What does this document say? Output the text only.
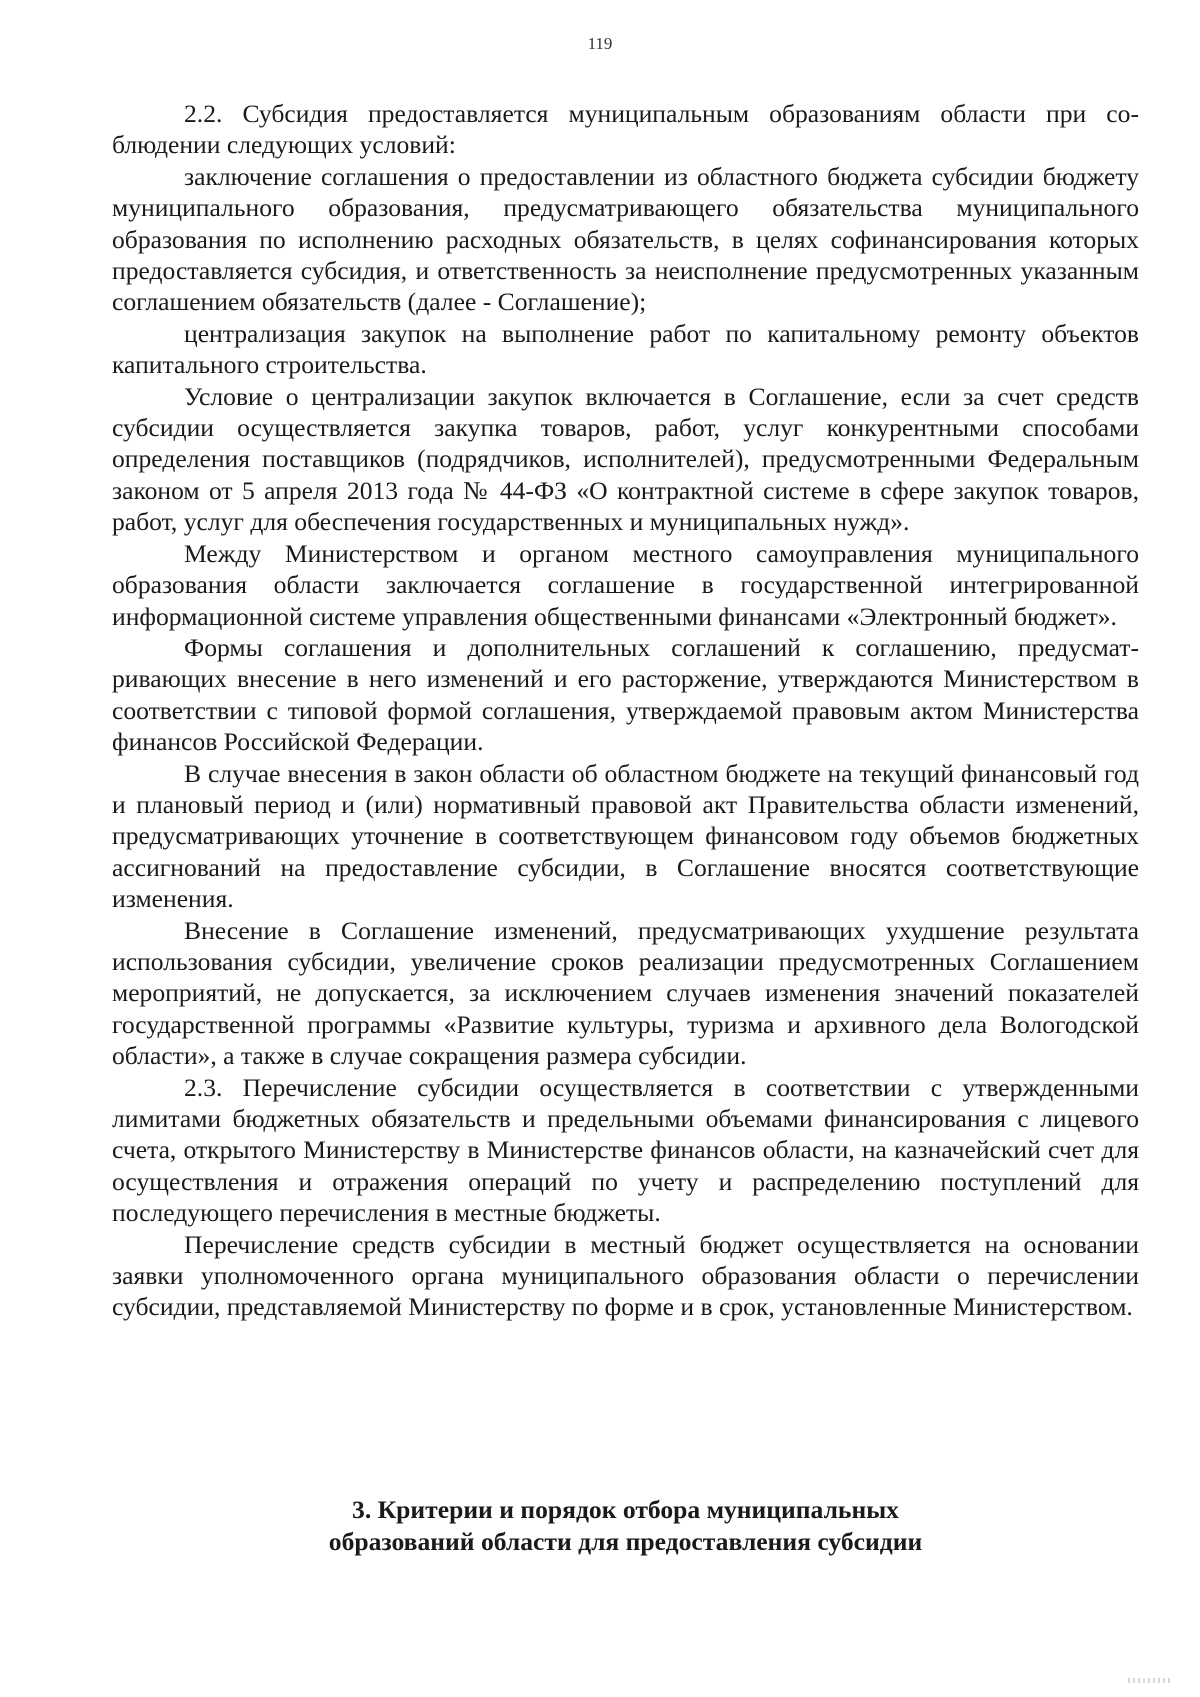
119

2.2. Субсидия предоставляется муниципальным образованиям области при соблюдении следующих условий:

заключение соглашения о предоставлении из областного бюджета субсидии бюджету муниципального образования, предусматривающего обязательства муниципального образования по исполнению расходных обязательств, в целях софинансирования которых предоставляется субсидия, и ответственность за неисполнение предусмотренных указанным соглашением обязательств (далее - Соглашение);

централизация закупок на выполнение работ по капитальному ремонту объектов капитального строительства.

Условие о централизации закупок включается в Соглашение, если за счет средств субсидии осуществляется закупка товаров, работ, услуг конкурентными способами определения поставщиков (подрядчиков, исполнителей), предусмотренными Федеральным законом от 5 апреля 2013 года № 44-ФЗ «О контрактной системе в сфере закупок товаров, работ, услуг для обеспечения государственных и муниципальных нужд».

Между Министерством и органом местного самоуправления муниципального образования области заключается соглашение в государственной интегрированной информационной системе управления общественными финансами «Электронный бюджет».

Формы соглашения и дополнительных соглашений к соглашению, предусматривающих внесение в него изменений и его расторжение, утверждаются Министерством в соответствии с типовой формой соглашения, утверждаемой правовым актом Министерства финансов Российской Федерации.

В случае внесения в закон области об областном бюджете на текущий финансовый год и плановый период и (или) нормативный правовой акт Правительства области изменений, предусматривающих уточнение в соответствующем финансовом году объемов бюджетных ассигнований на предоставление субсидии, в Соглашение вносятся соответствующие изменения.

Внесение в Соглашение изменений, предусматривающих ухудшение результата использования субсидии, увеличение сроков реализации предусмотренных Соглашением мероприятий, не допускается, за исключением случаев изменения значений показателей государственной программы «Развитие культуры, туризма и архивного дела Вологодской области», а также в случае сокращения размера субсидии.

2.3. Перечисление субсидии осуществляется в соответствии с утвержденными лимитами бюджетных обязательств и предельными объемами финансирования с лицевого счета, открытого Министерству в Министерстве финансов области, на казначейский счет для осуществления и отражения операций по учету и распределению поступлений для последующего перечисления в местные бюджеты.

Перечисление средств субсидии в местный бюджет осуществляется на основании заявки уполномоченного органа муниципального образования области о перечислении субсидии, представляемой Министерству по форме и в срок, установленные Министерством.

3. Критерии и порядок отбора муниципальных
образований области для предоставления субсидии
